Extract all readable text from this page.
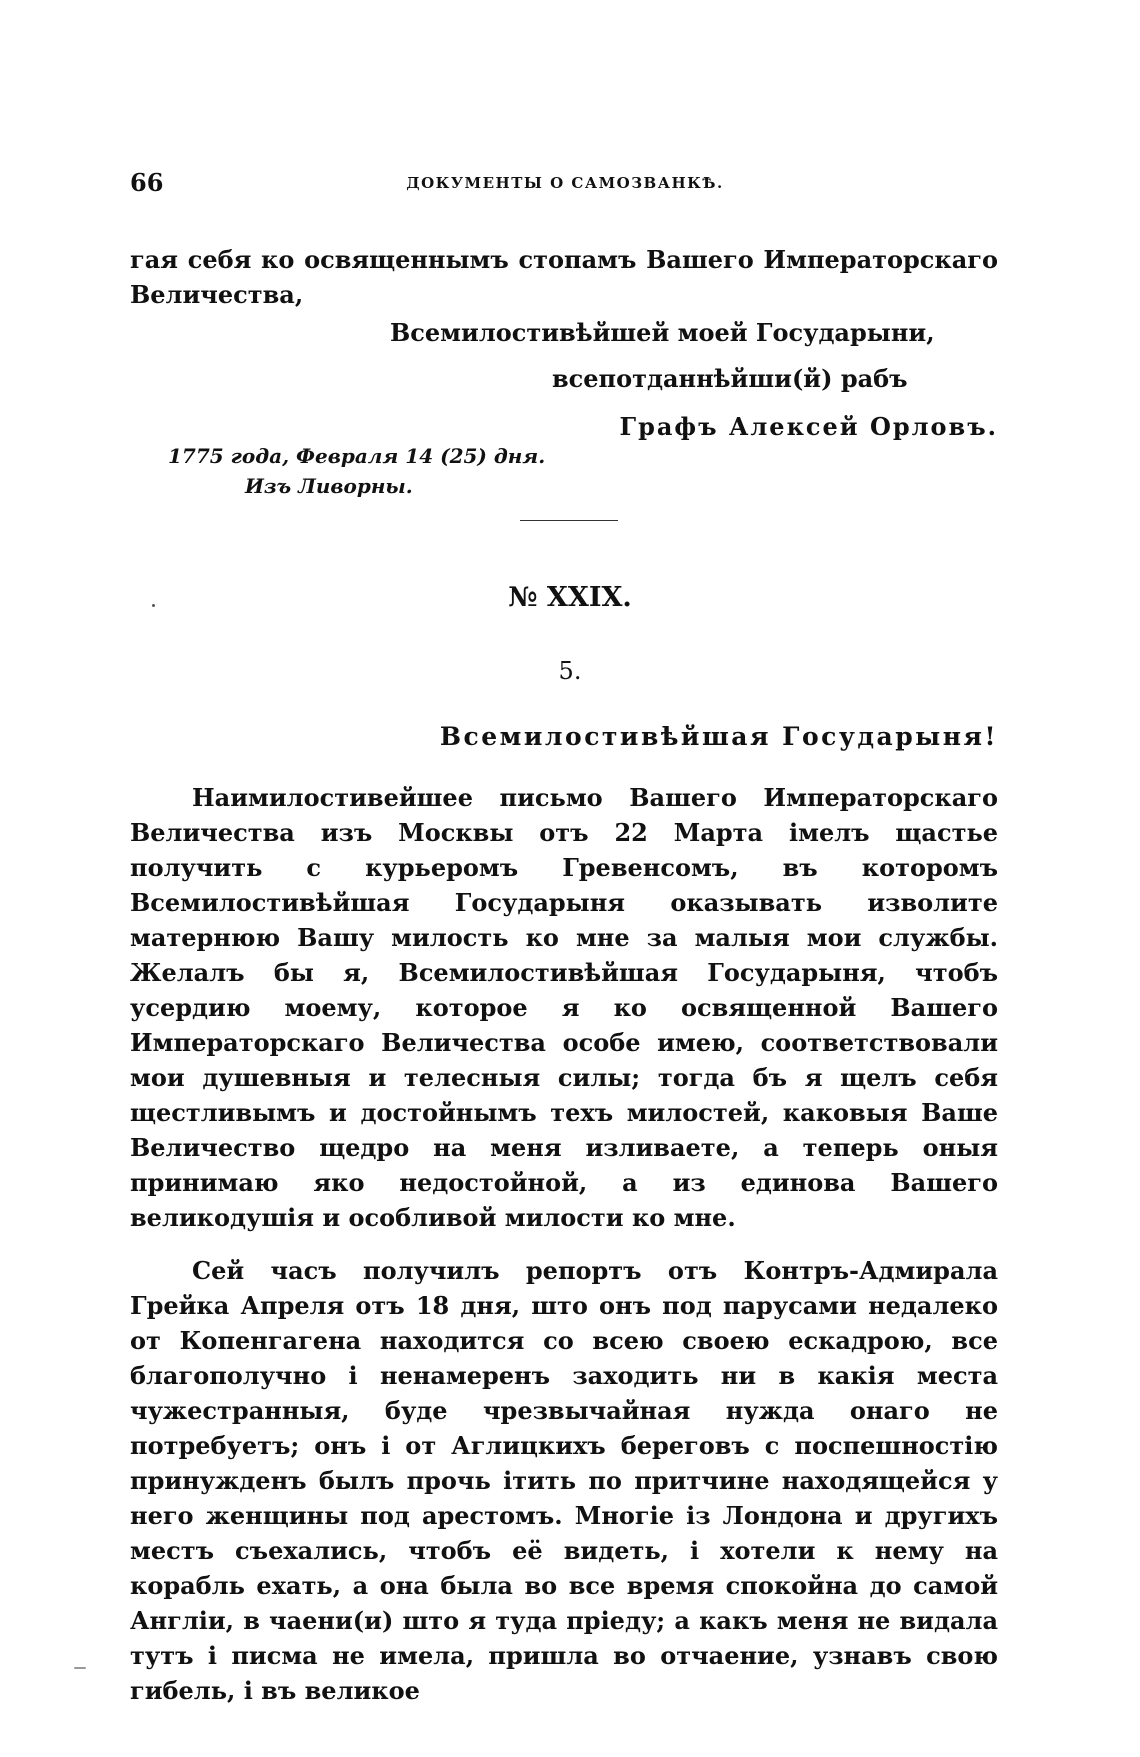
66	ДОКУМЕНТЫ О САМОЗВАНКѢ.

гая себя ко освященнымъ стопамъ Вашего Императорскаго Величества,

Всемилостивѣйшей моей Государыни,
всепотданнѣйши(й) рабъ
Графъ Алексей Орловъ.
1775 года, Февраля 14 (25) дня.
Изъ Ливорны.
№ XXIX.
5.
Всемилостивѣйшая Государыня!

Наимилостивейшее письмо Вашего Императорскаго Величества изъ Москвы отъ 22 Марта імелъ щастье получить с курьеромъ Гревенсомъ, въ которомъ Всемилостивѣйшая Государыня оказывать изволите матернюю Вашу милость ко мне за малыя мои службы. Желалъ бы я, Всемилостивѣйшая Государыня, чтобъ усердию моему, которое я ко освященной Вашего Императорскаго Величества особе имею, соответствовали мои душевныя и телесныя силы; тогда бъ я щелъ себя щестливымъ и достойнымъ техъ милостей, каковыя Ваше Величество щедро на меня изливаете, а теперь оныя принимаю яко недостойной, а из единова Вашего великодушія и особливой милости ко мне.

Сей часъ получилъ репортъ отъ Контръ-Адмирала Грейка Апреля отъ 18 дня, што онъ под парусами недалеко от Копенгагена находится со всею своею ескадрою, все благополучно і ненамеренъ заходить ни в какія места чужестранныя, буде чрезвычайная нужда онаго не потребуетъ; онъ і от Аглицкихъ береговъ с поспешностію принужденъ былъ прочь ітить по притчине находящейся у него женщины под арестомъ. Многіе із Лондона и другихъ местъ съехались, чтобъ её видеть, і хотели к нему на корабль ехать, а она была во все время спокойна до самой Англіи, в чаени(и) што я туда пріеду; а какъ меня не видала тутъ і писма не имела, пришла во отчаение, узнавъ свою гибель, і въ великое
